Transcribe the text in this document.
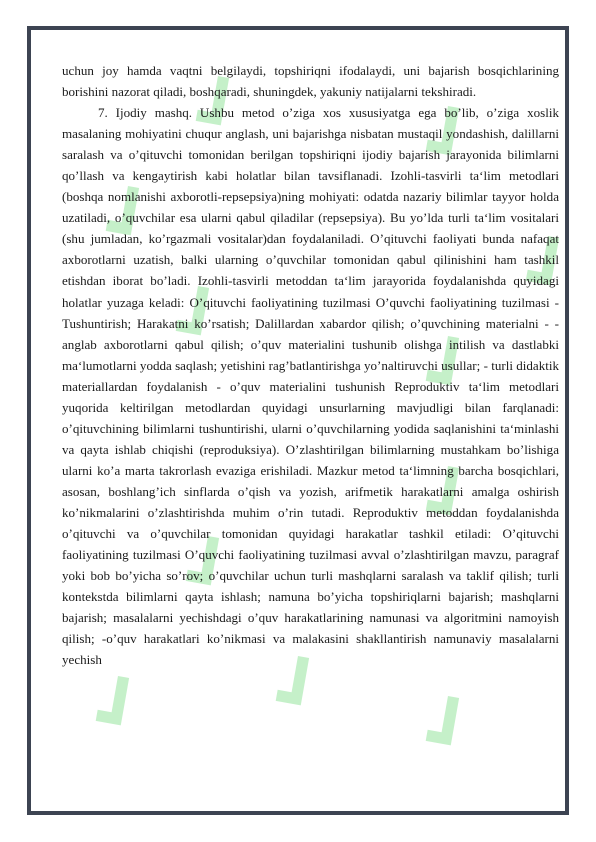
uchun joy hamda vaqtni belgilaydi, topshiriqni ifodalaydi, uni bajarish bosqichlarining borishini nazorat qiladi, boshqaradi, shuningdek, yakuniy natijalarni tekshiradi.

7. Ijodiy mashq. Ushbu metod o’ziga xos xususiyatga ega bo’lib, o’ziga xoslik masalaning mohiyatini chuqur anglash, uni bajarishga nisbatan mustaqil yondashish, dalillarni saralash va o’qituvchi tomonidan berilgan topshiriqni ijodiy bajarish jarayonida bilimlarni qo’llash va kengaytirish kabi holatlar bilan tavsiflanadi. Izohli-tasvirli ta‘lim metodlari (boshqa nomlanishi axborotli-repsepsiya)ning mohiyati: odatda nazariy bilimlar tayyor holda uzatiladi, o’quvchilar esa ularni qabul qiladilar (repsepsiya). Bu yo’lda turli ta‘lim vositalari (shu jumladan, ko’rgazmali vositalar)dan foydalaniladi. O’qituvchi faoliyati bunda nafaqat axborotlarni uzatish, balki ularning o’quvchilar tomonidan qabul qilinishini ham tashkil etishdan iborat bo’ladi. Izohli-tasvirli metoddan ta‘lim jarayorida foydalanishda quyidagi holatlar yuzaga keladi: O’qituvchi faoliyatining tuzilmasi O’quvchi faoliyatining tuzilmasi - Tushuntirish; Harakatni ko’rsatish; Dalillardan xabardor qilish; o’quvchining materialni - - anglab axborotlarni qabul qilish; o’quv materialini tushunib olishga intilish va dastlabki ma‘lumotlarni yodda saqlash; yetishini rag’batlantirishga yo’naltiruvchi usullar; - turli didaktik materiallardan foydalanish - o’quv materialini tushunish Reproduktiv ta‘lim metodlari yuqorida keltirilgan metodlardan quyidagi unsurlarning mavjudligi bilan farqlanadi: o’qituvchining bilimlarni tushuntirishi, ularni o’quvchilarning yodida saqlanishini ta‘minlashi va qayta ishlab chiqishi (reproduksiya). O’zlashtirilgan bilimlarning mustahkam bo’lishiga ularni ko’a marta takrorlash evaziga erishiladi. Mazkur metod ta‘limning barcha bosqichlari, asosan, boshlang’ich sinflarda o’qish va yozish, arifmetik harakatlarni amalga oshirish ko’nikmalarini o’zlashtirishda muhim o’rin tutadi. Reproduktiv metoddan foydalanishda o’qituvchi va o’quvchilar tomonidan quyidagi harakatlar tashkil etiladi: O’qituvchi faoliyatining tuzilmasi O’quvchi faoliyatining tuzilmasi avval o’zlashtirilgan mavzu, paragraf yoki bob bo’yicha so’rov; o’quvchilar uchun turli mashqlarni saralash va taklif qilish; turli kontekstda bilimlarni qayta ishlash; namuna bo’yicha topshiriqlarni bajarish; mashqlarni bajarish; masalalarni yechishdagi o’quv harakatlarining namunasi va algoritmini namoyish qilish; -o’quv harakatlari ko’nikmasi va malakasini shakllantirish namunaviy masalalarni yechish
